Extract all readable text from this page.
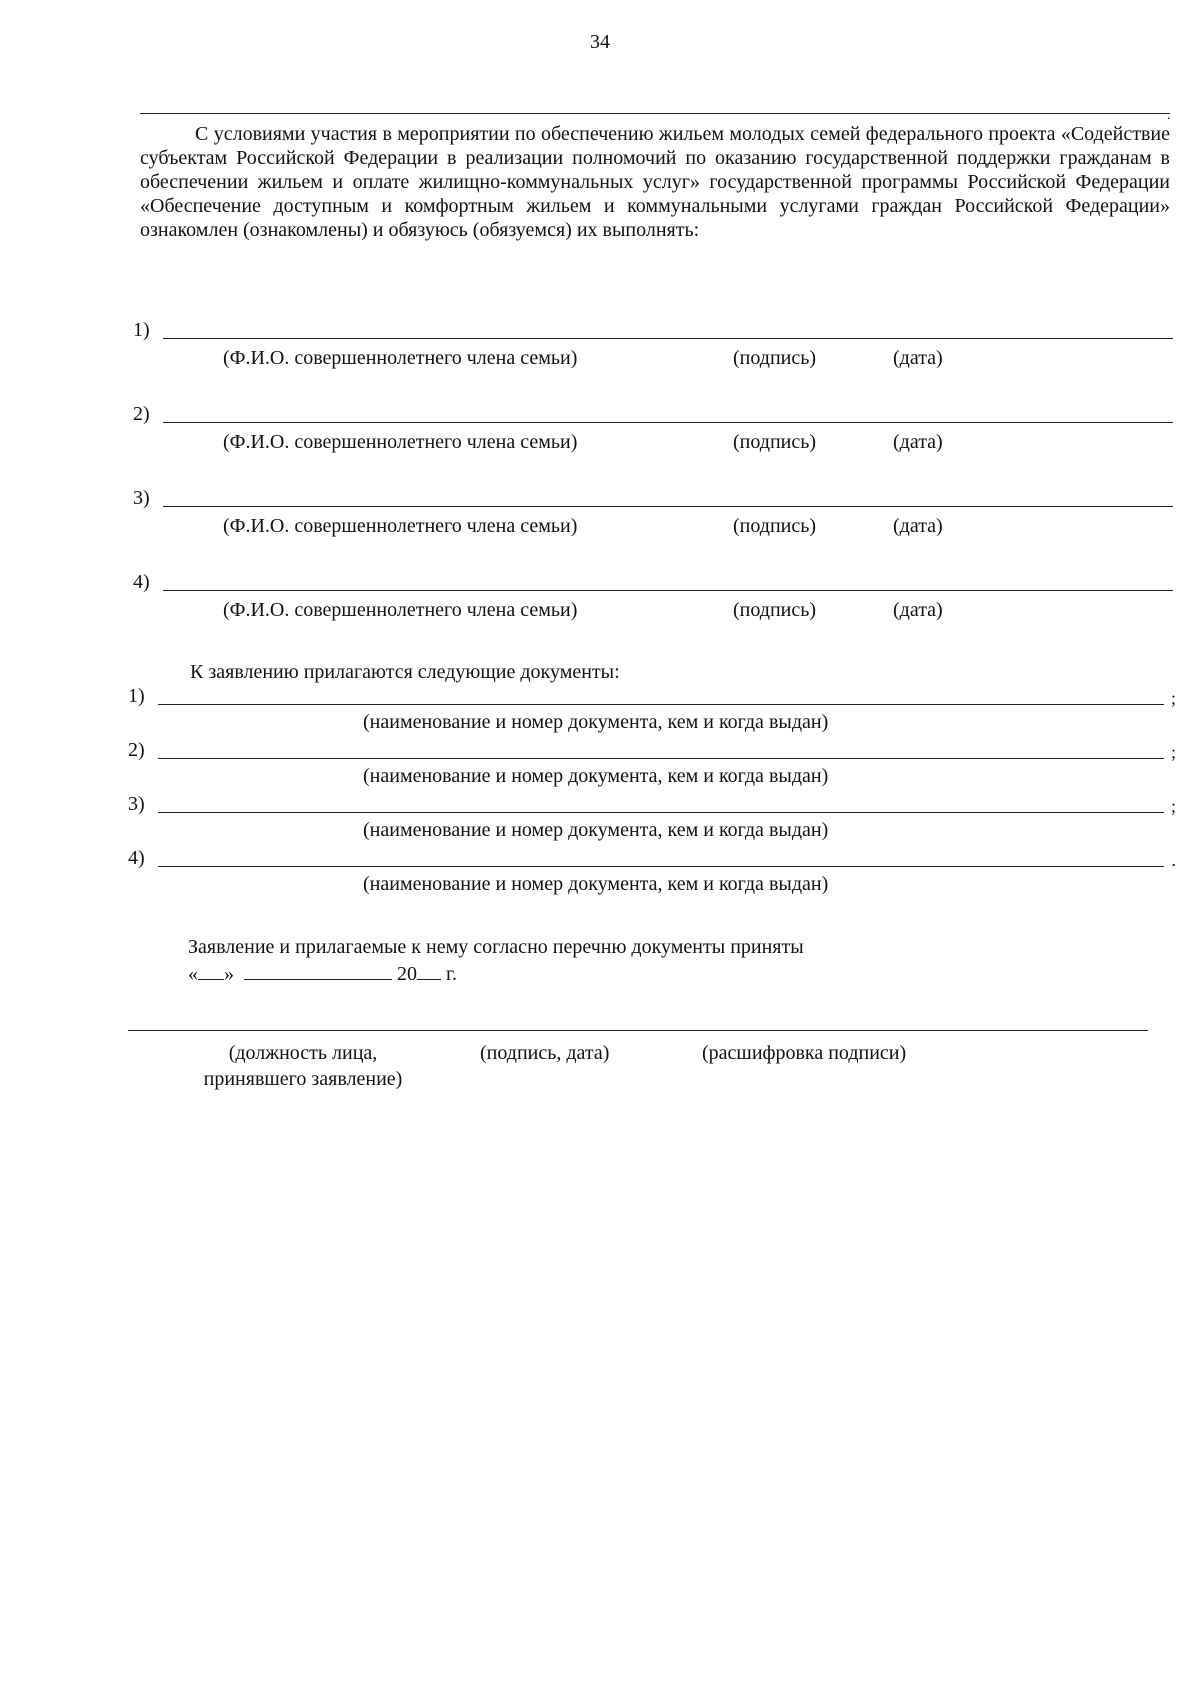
34
.

С условиями участия в мероприятии по обеспечению жильем молодых семей федерального проекта «Содействие субъектам Российской Федерации в реализации полномочий по оказанию государственной поддержки гражданам в обеспечении жильем и оплате жилищно-коммунальных услуг» государственной программы Российской Федерации «Обеспечение доступным и комфортным жильем и коммунальными услугами граждан Российской Федерации» ознакомлен (ознакомлены) и обязуюсь (обязуемся) их выполнять:

1)
(Ф.И.О. совершеннолетнего члена семьи)	(подпись)	(дата)
2)
(Ф.И.О. совершеннолетнего члена семьи)	(подпись)	(дата)
3)
(Ф.И.О. совершеннолетнего члена семьи)	(подпись)	(дата)
4)
(Ф.И.О. совершеннолетнего члена семьи)	(подпись)	(дата)
К заявлению прилагаются следующие документы:
1)	;
(наименование и номер документа, кем и когда выдан)
2)	;
(наименование и номер документа, кем и когда выдан)
3)	;
(наименование и номер документа, кем и когда выдан)
4)	.
(наименование и номер документа, кем и когда выдан)
Заявление и прилагаемые к нему согласно перечню документы приняты
« »	20 г.
(должность лица, принявшего заявление)
(подпись, дата)	(расшифровка подписи)
